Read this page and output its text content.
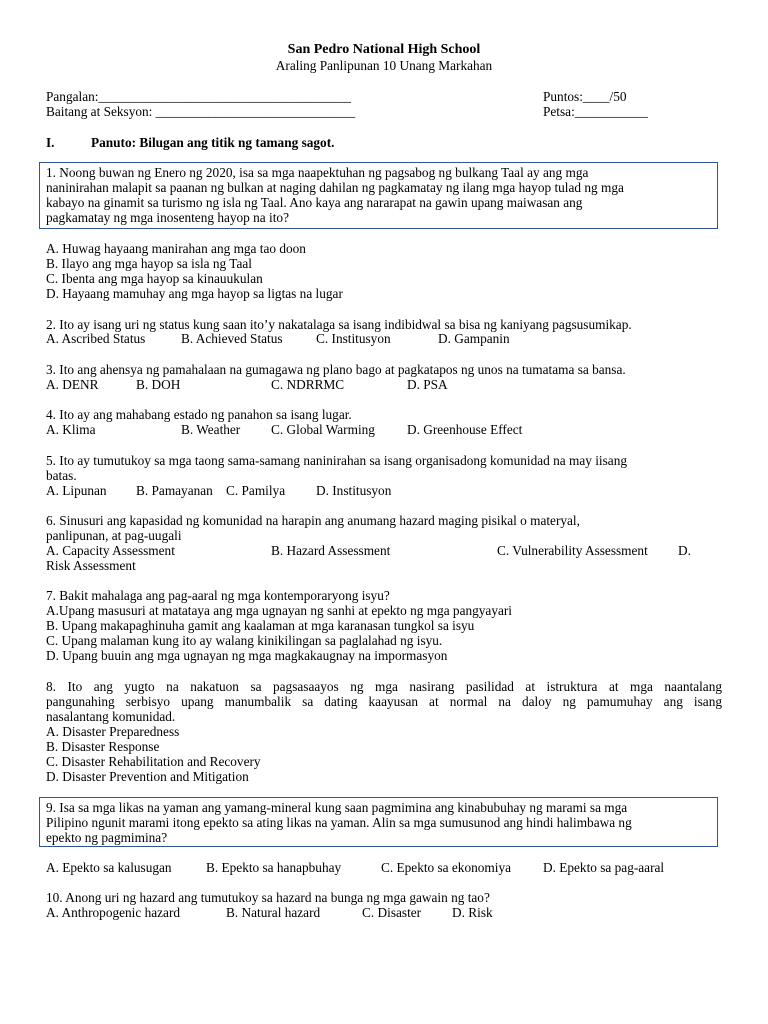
San Pedro National High School
Araling Panlipunan 10 Unang Markahan
Pangalan:______________________________________
Baitang at Seksyon: ______________________________
Puntos:____/50
Petsa:___________
I.	Panuto: Bilugan ang titik ng tamang sagot.
1. Noong buwan ng Enero ng 2020, isa sa mga naapektuhan ng pagsabog ng bulkang Taal ay ang mga
naninirahan malapit sa paanan ng bulkan at naging dahilan ng pagkamatay ng ilang mga hayop tulad ng mga
kabayo na ginamit sa turismo ng isla ng Taal. Ano kaya ang nararapat na gawin upang maiwasan ang
pagkamatay ng mga inosenteng hayop na ito?
A. Huwag hayaang manirahan ang mga tao doon
B. Ilayo ang mga hayop sa isla ng Taal
C. Ibenta ang mga hayop sa kinauukulan
D. Hayaang mamuhay ang mga hayop sa ligtas na lugar
2. Ito ay isang uri ng status kung saan ito’y nakatalaga sa isang indibidwal sa bisa ng kaniyang pagsusumikap.
A. Ascribed Status	B. Achieved Status	C. Institusyon	D. Gampanin
3. Ito ang ahensya ng pamahalaan na gumagawa ng plano bago at pagkatapos ng unos na tumatama sa bansa.
A. DENR	B. DOH	C. NDRRMC	D. PSA
4. Ito ay ang mahabang estado ng panahon sa isang lugar.
A. Klima	B. Weather C. Global Warming D. Greenhouse Effect
5. Ito ay tumutukoy sa mga taong sama-samang naninirahan sa isang organisadong komunidad na may iisang
batas.
A. Lipunan B. Pamayanan C. Pamilya D. Institusyon
6. Sinusuri ang kapasidad ng komunidad na harapin ang anumang hazard maging pisikal o materyal,
panlipunan, at pag-uugali
A. Capacity Assessment	B. Hazard Assessment	C. Vulnerability Assessment D.
Risk Assessment
7. Bakit mahalaga ang pag-aaral ng mga kontemporaryong isyu?
A.Upang masusuri at matataya ang mga ugnayan ng sanhi at epekto ng mga pangyayari
B. Upang makapaghinuha gamit ang kaalaman at mga karanasan tungkol sa isyu
C. Upang malaman kung ito ay walang kinikilingan sa paglalahad ng isyu.
D. Upang buuin ang mga ugnayan ng mga magkakaugnay na impormasyon
8. Ito ang yugto na nakatuon sa pagsasaayos ng mga nasirang pasilidad at istruktura at mga naantalang
pangunahing serbisyo upang manumbalik sa dating kaayusan at normal na daloy ng pamumuhay ang isang
nasalantang komunidad.
A. Disaster Preparedness
B. Disaster Response
C. Disaster Rehabilitation and Recovery
D. Disaster Prevention and Mitigation
9. Isa sa mga likas na yaman ang yamang-mineral kung saan pagmimina ang kinabubuhay ng marami sa mga
Pilipino ngunit marami itong epekto sa ating likas na yaman. Alin sa mga sumusunod ang hindi halimbawa ng
epekto ng pagmimina?
A. Epekto sa kalusugan	B. Epekto sa hanapbuhay	C. Epekto sa ekonomiya D. Epekto sa pag-aaral
10. Anong uri ng hazard ang tumutukoy sa hazard na bunga ng mga gawain ng tao?
A. Anthropogenic hazard	B. Natural hazard	C. Disaster D. Risk
